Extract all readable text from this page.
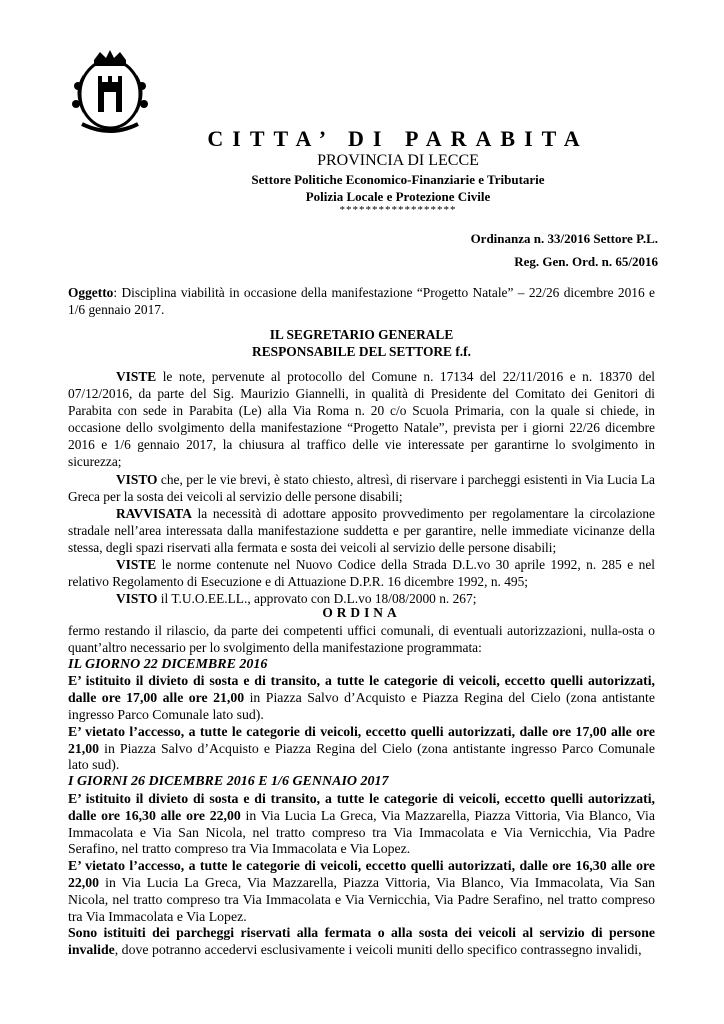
CITTA’ DI PARABITA
PROVINCIA DI LECCE
Settore Politiche Economico-Finanziarie e Tributarie
Polizia Locale e Protezione Civile
******************
Ordinanza n. 33/2016 Settore P.L.
Reg. Gen. Ord. n. 65/2016
Oggetto: Disciplina viabilità in occasione della manifestazione “Progetto Natale” – 22/26 dicembre 2016 e 1/6 gennaio 2017.
IL SEGRETARIO GENERALE
RESPONSABILE DEL SETTORE f.f.

VISTE le note, pervenute al protocollo del Comune n. 17134 del 22/11/2016 e n. 18370 del 07/12/2016, da parte del Sig. Maurizio Giannelli, in qualità di Presidente del Comitato dei Genitori di Parabita con sede in Parabita (Le) alla Via Roma n. 20 c/o Scuola Primaria, con la quale si chiede, in occasione dello svolgimento della manifestazione “Progetto Natale”, prevista per i giorni 22/26 dicembre 2016 e 1/6 gennaio 2017, la chiusura al traffico delle vie interessate per garantirne lo svolgimento in sicurezza;

VISTO che, per le vie brevi, è stato chiesto, altresì, di riservare i parcheggi esistenti in Via Lucia La Greca per la sosta dei veicoli al servizio delle persone disabili;

RAVVISATA la necessità di adottare apposito provvedimento per regolamentare la circolazione stradale nell’area interessata dalla manifestazione suddetta e per garantire, nelle immediate vicinanze della stessa, degli spazi riservati alla fermata e sosta dei veicoli al servizio delle persone disabili;

VISTE le norme contenute nel Nuovo Codice della Strada D.L.vo 30 aprile 1992, n. 285 e nel relativo Regolamento di Esecuzione e di Attuazione D.P.R. 16 dicembre 1992, n. 495;

VISTO il T.U.O.EE.LL., approvato con D.L.vo 18/08/2000 n. 267;

ORDINA

fermo restando il rilascio, da parte dei competenti uffici comunali, di eventuali autorizzazioni, nulla-osta o quant’altro necessario per lo svolgimento della manifestazione programmata:

IL GIORNO 22 DICEMBRE 2016

E’ istituito il divieto di sosta e di transito, a tutte le categorie di veicoli, eccetto quelli autorizzati, dalle ore 17,00 alle ore 21,00 in Piazza Salvo d’Acquisto e Piazza Regina del Cielo (zona antistante ingresso Parco Comunale lato sud).

E’ vietato l’accesso, a tutte le categorie di veicoli, eccetto quelli autorizzati, dalle ore 17,00 alle ore 21,00 in Piazza Salvo d’Acquisto e Piazza Regina del Cielo (zona antistante ingresso Parco Comunale lato sud).

I GIORNI 26 DICEMBRE 2016 E 1/6 GENNAIO 2017

E’ istituito il divieto di sosta e di transito, a tutte le categorie di veicoli, eccetto quelli autorizzati, dalle ore 16,30 alle ore 22,00 in Via Lucia La Greca, Via Mazzarella, Piazza Vittoria, Via Blanco, Via Immacolata e Via San Nicola, nel tratto compreso tra Via Immacolata e Via Vernicchia, Via Padre Serafino, nel tratto compreso tra Via Immacolata e Via Lopez.

E’ vietato l’accesso, a tutte le categorie di veicoli, eccetto quelli autorizzati, dalle ore 16,30 alle ore 22,00 in Via Lucia La Greca, Via Mazzarella, Piazza Vittoria, Via Blanco, Via Immacolata, Via San Nicola, nel tratto compreso tra Via Immacolata e Via Vernicchia, Via Padre Serafino, nel tratto compreso tra Via Immacolata e Via Lopez.

Sono istituiti dei parcheggi riservati alla fermata o alla sosta dei veicoli al servizio di persone invalide, dove potranno accedervi esclusivamente i veicoli muniti dello specifico contrassegno invalidi,
